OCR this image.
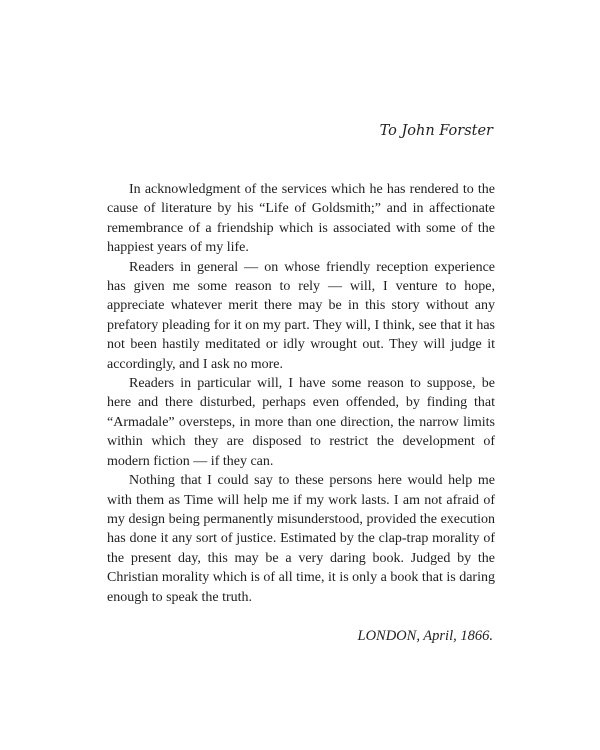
To John Forster

In acknowledgment of the services which he has rendered to the cause of literature by his “Life of Goldsmith;” and in affectionate remembrance of a friendship which is associated with some of the happiest years of my life.

Readers in general — on whose friendly reception experience has given me some reason to rely — will, I venture to hope, appreciate whatever merit there may be in this story without any prefatory pleading for it on my part. They will, I think, see that it has not been hastily meditated or idly wrought out. They will judge it accordingly, and I ask no more.

Readers in particular will, I have some reason to suppose, be here and there disturbed, perhaps even offended, by finding that “Armadale” oversteps, in more than one direction, the narrow limits within which they are disposed to restrict the development of modern fiction — if they can.

Nothing that I could say to these persons here would help me with them as Time will help me if my work lasts. I am not afraid of my design being permanently misunderstood, provided the execution has done it any sort of justice. Estimated by the clap-trap morality of the present day, this may be a very daring book. Judged by the Christian morality which is of all time, it is only a book that is daring enough to speak the truth.

LONDON, April, 1866.
